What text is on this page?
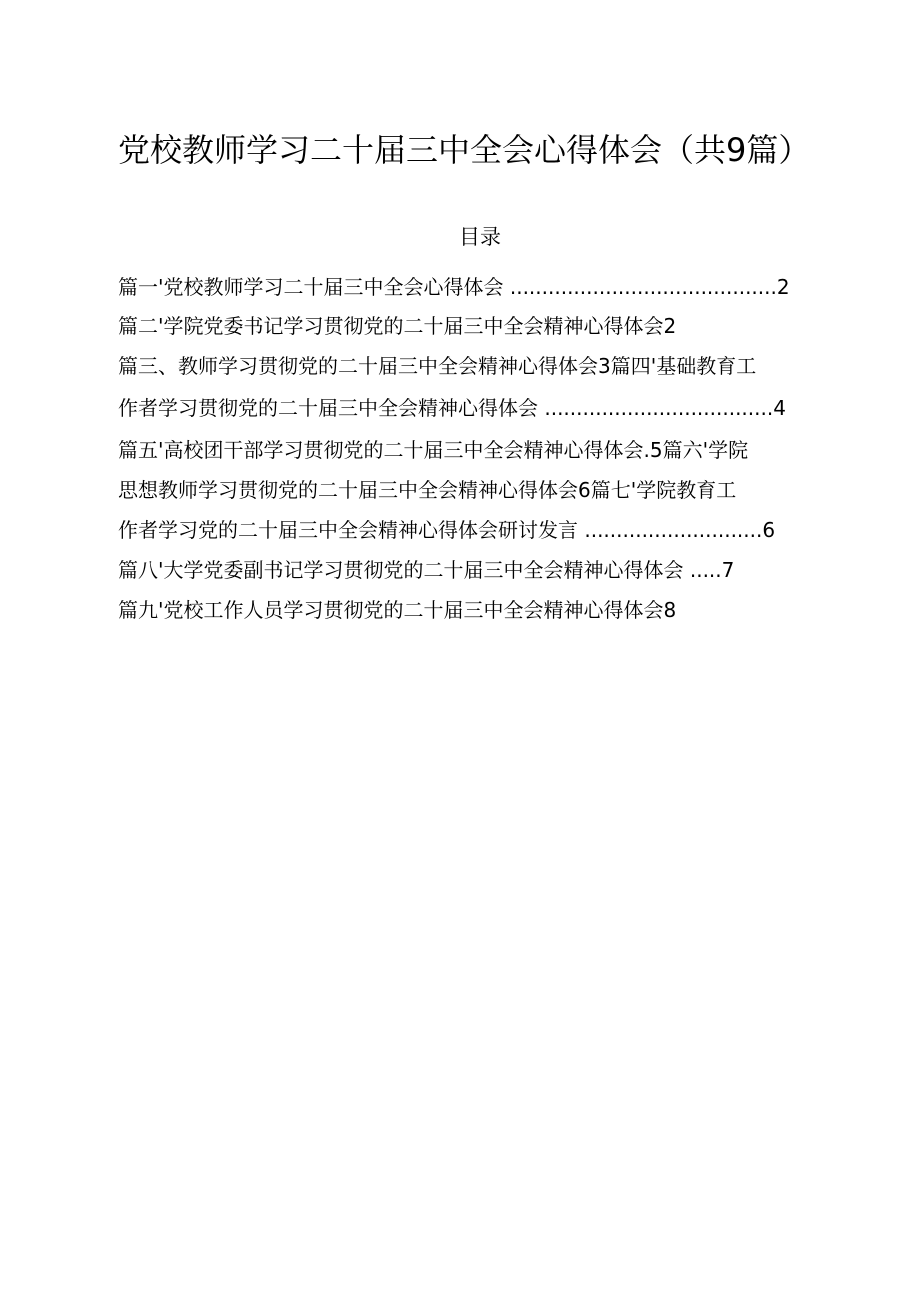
党校教师学习二十届三中全会心得体会（共9篇）
目录
篇一'党校教师学习二十届三中全会心得体会 ..........................................2
篇二'学院党委书记学习贯彻党的二十届三中全会精神心得体会2
篇三、教师学习贯彻党的二十届三中全会精神心得体会3篇四'基础教育工
作者学习贯彻党的二十届三中全会精神心得体会 ....................................4
篇五'高校团干部学习贯彻党的二十届三中全会精神心得体会.5篇六'学院
思想教师学习贯彻党的二十届三中全会精神心得体会6篇七'学院教育工
作者学习党的二十届三中全会精神心得体会研讨发言 ............................6
篇八'大学党委副书记学习贯彻党的二十届三中全会精神心得体会 .....7
篇九'党校工作人员学习贯彻党的二十届三中全会精神心得体会8
